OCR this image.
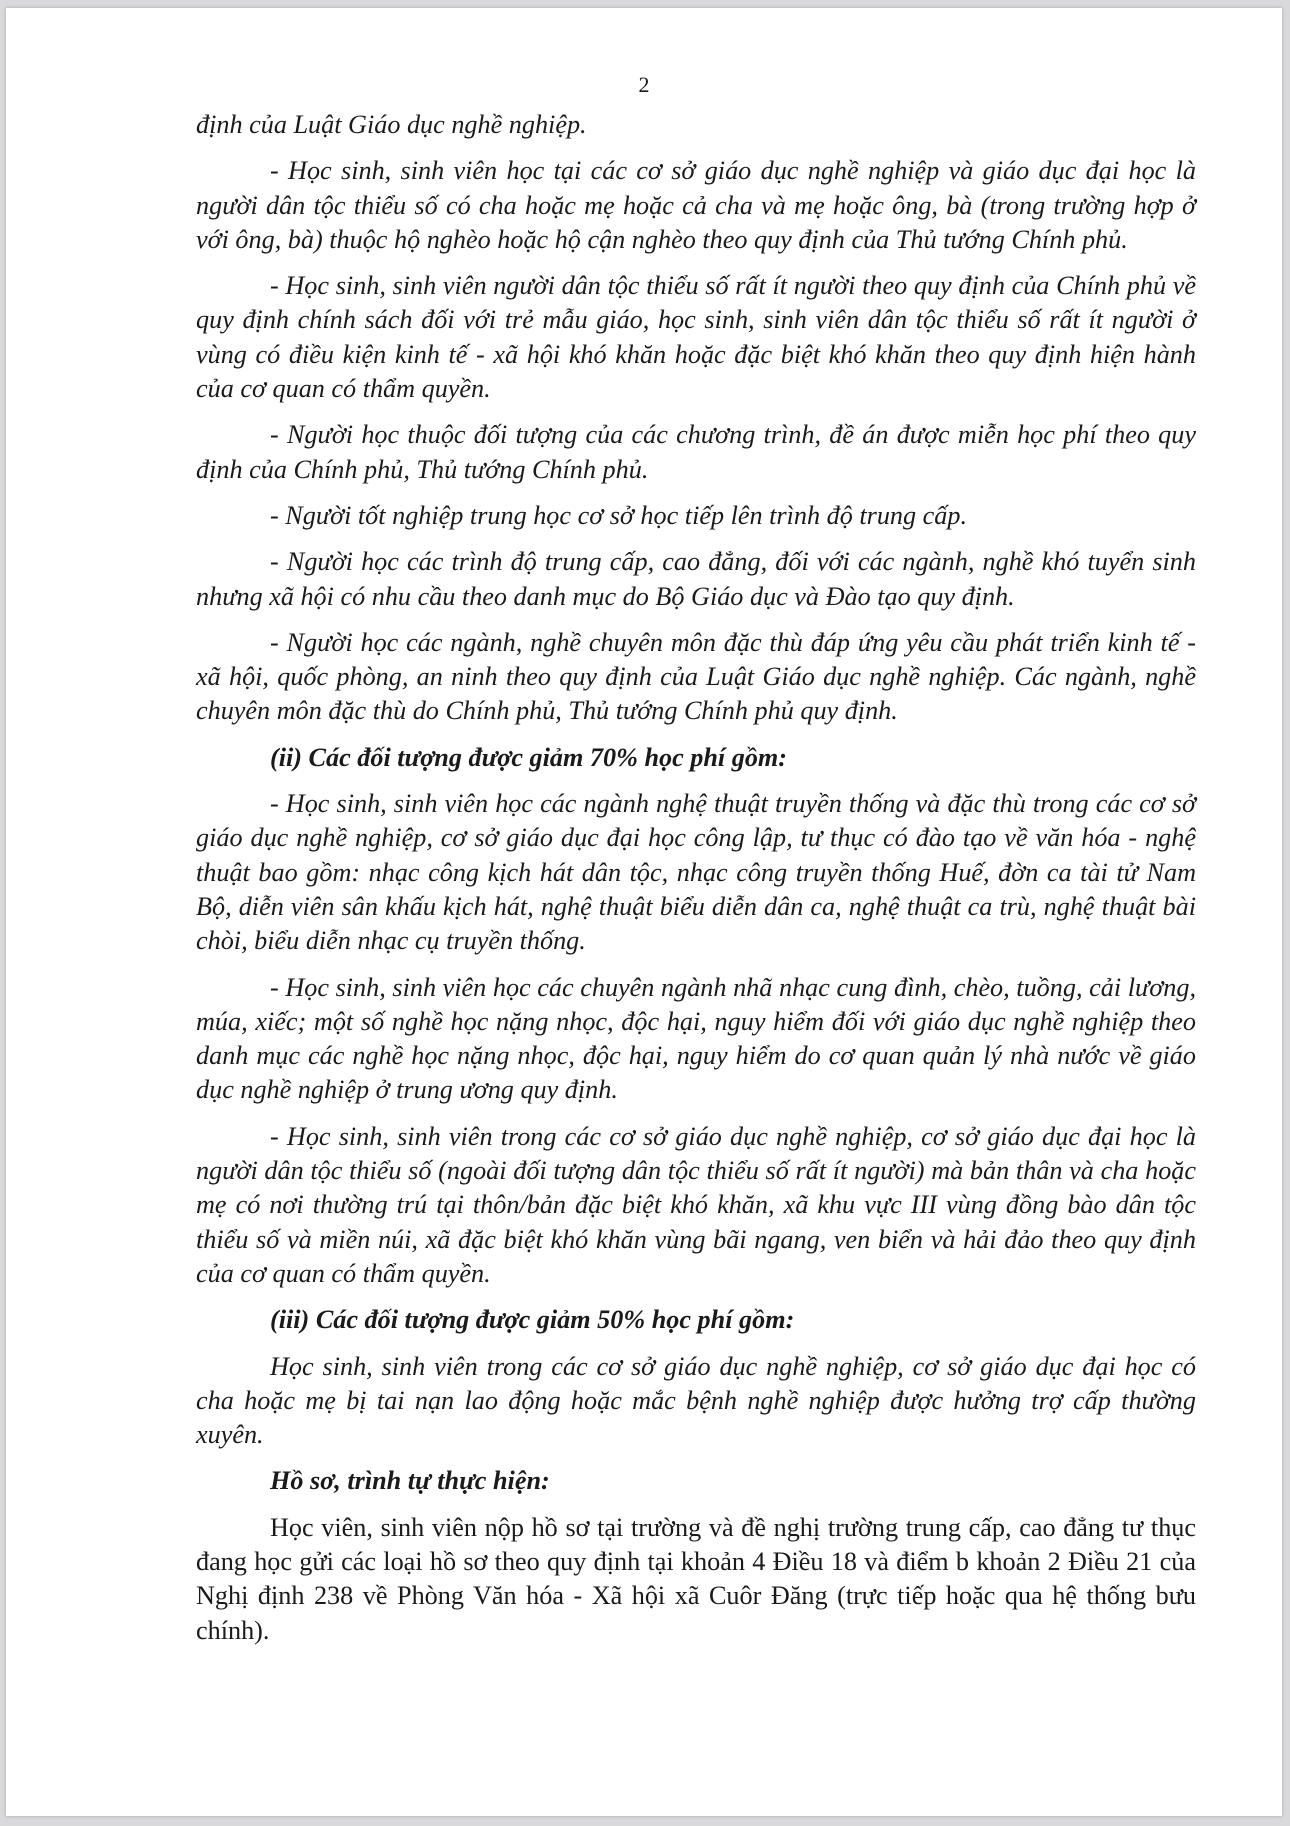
2

định của Luật Giáo dục nghề nghiệp.

- Học sinh, sinh viên học tại các cơ sở giáo dục nghề nghiệp và giáo dục đại học là người dân tộc thiểu số có cha hoặc mẹ hoặc cả cha và mẹ hoặc ông, bà (trong trường hợp ở với ông, bà) thuộc hộ nghèo hoặc hộ cận nghèo theo quy định của Thủ tướng Chính phủ.

- Học sinh, sinh viên người dân tộc thiểu số rất ít người theo quy định của Chính phủ về quy định chính sách đối với trẻ mẫu giáo, học sinh, sinh viên dân tộc thiểu số rất ít người ở vùng có điều kiện kinh tế - xã hội khó khăn hoặc đặc biệt khó khăn theo quy định hiện hành của cơ quan có thẩm quyền.

- Người học thuộc đối tượng của các chương trình, đề án được miễn học phí theo quy định của Chính phủ, Thủ tướng Chính phủ.

- Người tốt nghiệp trung học cơ sở học tiếp lên trình độ trung cấp.

- Người học các trình độ trung cấp, cao đẳng, đối với các ngành, nghề khó tuyển sinh nhưng xã hội có nhu cầu theo danh mục do Bộ Giáo dục và Đào tạo quy định.

- Người học các ngành, nghề chuyên môn đặc thù đáp ứng yêu cầu phát triển kinh tế - xã hội, quốc phòng, an ninh theo quy định của Luật Giáo dục nghề nghiệp. Các ngành, nghề chuyên môn đặc thù do Chính phủ, Thủ tướng Chính phủ quy định.

(ii) Các đối tượng được giảm 70% học phí gồm:

- Học sinh, sinh viên học các ngành nghệ thuật truyền thống và đặc thù trong các cơ sở giáo dục nghề nghiệp, cơ sở giáo dục đại học công lập, tư thục có đào tạo về văn hóa - nghệ thuật bao gồm: nhạc công kịch hát dân tộc, nhạc công truyền thống Huế, đờn ca tài tử Nam Bộ, diễn viên sân khấu kịch hát, nghệ thuật biểu diễn dân ca, nghệ thuật ca trù, nghệ thuật bài chòi, biểu diễn nhạc cụ truyền thống.

- Học sinh, sinh viên học các chuyên ngành nhã nhạc cung đình, chèo, tuồng, cải lương, múa, xiếc; một số nghề học nặng nhọc, độc hại, nguy hiểm đối với giáo dục nghề nghiệp theo danh mục các nghề học nặng nhọc, độc hại, nguy hiểm do cơ quan quản lý nhà nước về giáo dục nghề nghiệp ở trung ương quy định.

- Học sinh, sinh viên trong các cơ sở giáo dục nghề nghiệp, cơ sở giáo dục đại học là người dân tộc thiểu số (ngoài đối tượng dân tộc thiểu số rất ít người) mà bản thân và cha hoặc mẹ có nơi thường trú tại thôn/bản đặc biệt khó khăn, xã khu vực III vùng đồng bào dân tộc thiểu số và miền núi, xã đặc biệt khó khăn vùng bãi ngang, ven biển và hải đảo theo quy định của cơ quan có thẩm quyền.

(iii) Các đối tượng được giảm 50% học phí gồm:

Học sinh, sinh viên trong các cơ sở giáo dục nghề nghiệp, cơ sở giáo dục đại học có cha hoặc mẹ bị tai nạn lao động hoặc mắc bệnh nghề nghiệp được hưởng trợ cấp thường xuyên.

Hồ sơ, trình tự thực hiện:

Học viên, sinh viên nộp hồ sơ tại trường và đề nghị trường trung cấp, cao đẳng tư thục đang học gửi các loại hồ sơ theo quy định tại khoản 4 Điều 18 và điểm b khoản 2 Điều 21 của Nghị định 238 về Phòng Văn hóa - Xã hội xã Cuôr Đăng (trực tiếp hoặc qua hệ thống bưu chính).
